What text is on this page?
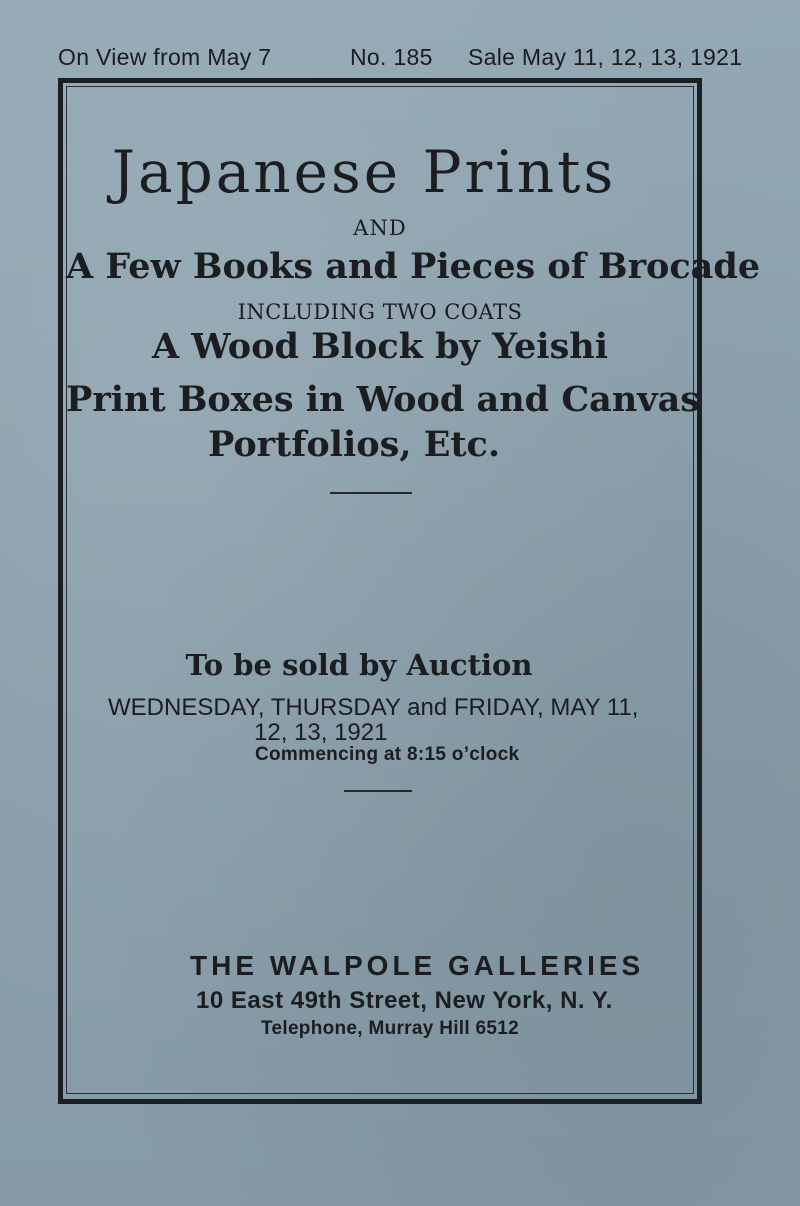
On View from May 7	No. 185 Sale May 11, 12, 13, 1921
Japanese Prints
AND
A Few Books and Pieces of Brocade
INCLUDING TWO COATS
A Wood Block by Yeishi
Print Boxes in Wood and Canvas
Portfolios, Etc.
To be sold by Auction
WEDNESDAY, THURSDAY and FRIDAY, MAY 11,
12, 13, 1921
Commencing at 8:15 o’clock
THE WALPOLE GALLERIES
10 East 49th Street, New York, N. Y.
Telephone, Murray Hill 6512
